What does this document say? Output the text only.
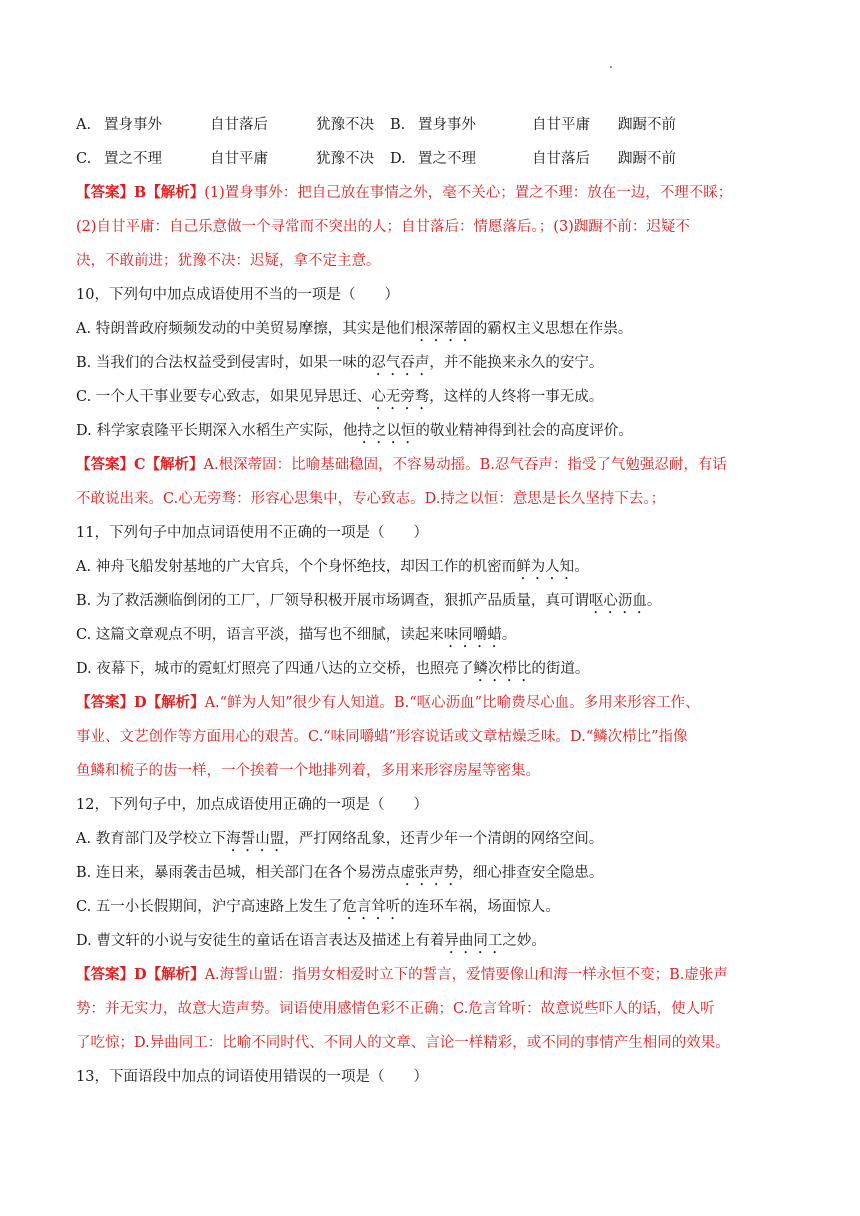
A. 置身事外	自甘落后	犹豫不决 B. 置身事外	自甘平庸 踟蹰不前
C. 置之不理	自甘平庸	犹豫不决 D. 置之不理	自甘落后 踟蹰不前
【答案】B【解析】(1)置身事外：把自己放在事情之外，毫不关心；置之不理：放在一边，不理不睬；
(2)自甘平庸：自己乐意做一个寻常而不突出的人；自甘落后：情愿落后。；(3)踟蹰不前：迟疑不
决，不敢前进；犹豫不决：迟疑，拿不定主意。
10，下列句中加点成语使用不当的一项是（　　）
A. 特朗普政府频频发动的中美贸易摩擦，其实是他们根深蒂固的霸权主义思想在作祟。
B. 当我们的合法权益受到侵害时，如果一味的忍气吞声，并不能换来永久的安宁。
C. 一个人干事业要专心致志，如果见异思迁、心无旁骛，这样的人终将一事无成。
D. 科学家袁隆平长期深入水稻生产实际，他持之以恒的敬业精神得到社会的高度评价。
【答案】C【解析】A.根深蒂固：比喻基础稳固，不容易动摇。B.忍气吞声：指受了气勉强忍耐，有话
不敢说出来。C.心无旁骛：形容心思集中，专心致志。D.持之以恒：意思是长久坚持下去。；
11，下列句子中加点词语使用不正确的一项是（　　）
A. 神舟飞船发射基地的广大官兵，个个身怀绝技，却因工作的机密而鲜为人知。
B. 为了救活濒临倒闭的工厂，厂领导积极开展市场调查，狠抓产品质量，真可谓呕心沥血。
C. 这篇文章观点不明，语言平淡，描写也不细腻，读起来味同嚼蜡。
D. 夜幕下，城市的霓虹灯照亮了四通八达的立交桥，也照亮了鳞次栉比的街道。
【答案】D【解析】A.“鲜为人知”很少有人知道。B.“呕心沥血”比喻费尽心血。多用来形容工作、
事业、文艺创作等方面用心的艰苦。C.“味同嚼蜡”形容说话或文章枯燥乏味。D.“鳞次栉比”指像
鱼鳞和梳子的齿一样，一个挨着一个地排列着，多用来形容房屋等密集。
12，下列句子中，加点成语使用正确的一项是（　　）
A. 教育部门及学校立下海誓山盟，严打网络乱象，还青少年一个清朗的网络空间。
B. 连日来，暴雨袭击邑城，相关部门在各个易涝点虚张声势，细心排查安全隐患。
C. 五一小长假期间，沪宁高速路上发生了危言耸听的连环车祸，场面惊人。
D. 曹文轩的小说与安徒生的童话在语言表达及描述上有着异曲同工之妙。
【答案】D【解析】A.海誓山盟：指男女相爱时立下的誓言，爱情要像山和海一样永恒不变；B.虚张声
势：并无实力，故意大造声势。词语使用感情色彩不正确；C.危言耸听：故意说些吓人的话，使人听
了吃惊；D.异曲同工：比喻不同时代、不同人的文章、言论一样精彩，或不同的事情产生相同的效果。
13，下面语段中加点的词语使用错误的一项是（　　）
